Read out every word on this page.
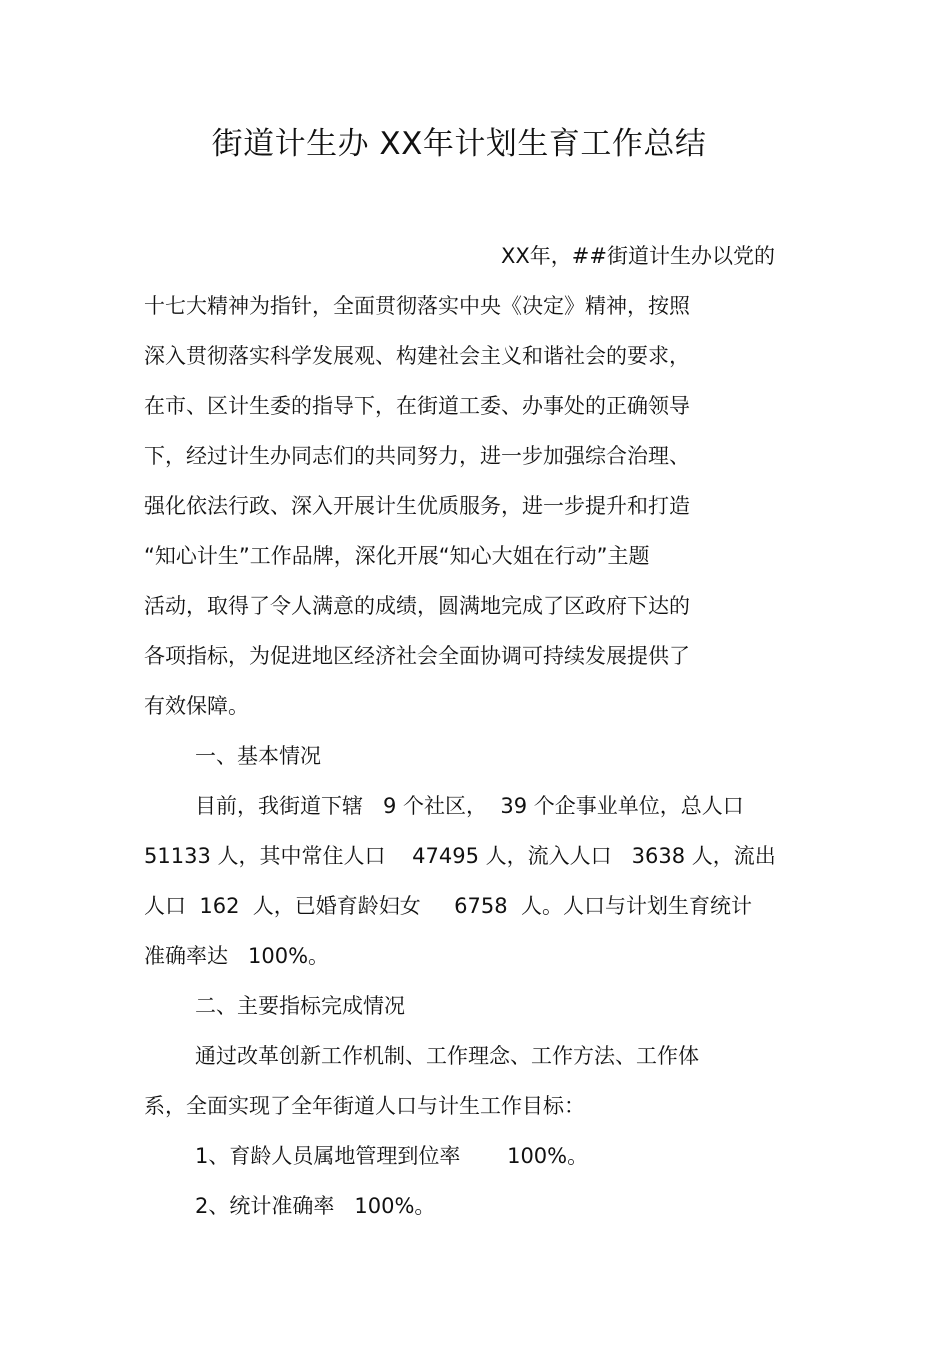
街道计生办 XX年计划生育工作总结
XX年，##街道计生办以党的
十七大精神为指针，全面贯彻落实中央《决定》精神，按照
深入贯彻落实科学发展观、构建社会主义和谐社会的要求，
在市、区计生委的指导下，在街道工委、办事处的正确领导
下，经过计生办同志们的共同努力，进一步加强综合治理、
强化依法行政、深入开展计生优质服务，进一步提升和打造
“知心计生”工作品牌，深化开展“知心大姐在行动”主题
活动，取得了令人满意的成绩，圆满地完成了区政府下达的
各项指标，为促进地区经济社会全面协调可持续发展提供了
有效保障。
一、基本情况
目前，我街道下辖   9 个社区，  39 个企事业单位，总人口
51133 人，其中常住人口    47495 人，流入人口   3638 人，流出
人口  162  人，已婚育龄妇女     6758  人。人口与计划生育统计
准确率达   100%。
二、主要指标完成情况
通过改革创新工作机制、工作理念、工作方法、工作体
系，全面实现了全年街道人口与计生工作目标：
1、育龄人员属地管理到位率       100%。
2、统计准确率   100%。
